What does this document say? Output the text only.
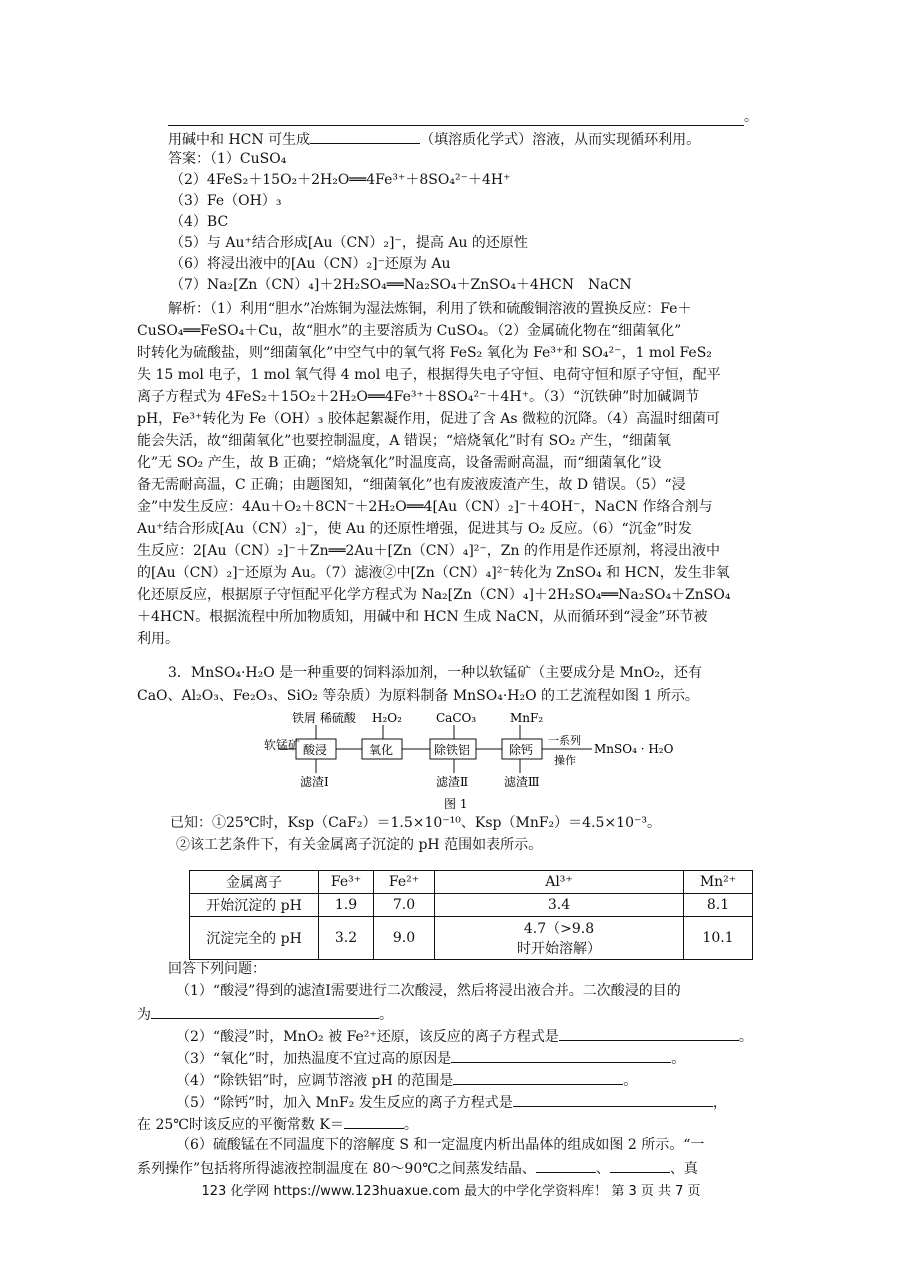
。
用碱中和 HCN 可生成	（填溶质化学式）溶液，从而实现循环利用。
答案：（1）CuSO₄
（2）4FeS₂＋15O₂＋2H₂O══4Fe³⁺＋8SO₄²⁻＋4H⁺
（3）Fe（OH）₃
（4）BC
（5）与 Au⁺结合形成[Au（CN）₂]⁻，提高 Au 的还原性
（6）将浸出液中的[Au（CN）₂]⁻还原为 Au
（7）Na₂[Zn（CN）₄]＋2H₂SO₄══Na₂SO₄＋ZnSO₄＋4HCN　NaCN
解析：（1）利用“胆水”冶炼铜为湿法炼铜，利用了铁和硫酸铜溶液的置换反应：Fe＋
CuSO₄══FeSO₄＋Cu，故“胆水”的主要溶质为 CuSO₄。（2）金属硫化物在“细菌氧化”
时转化为硫酸盐，则“细菌氧化”中空气中的氧气将 FeS₂ 氧化为 Fe³⁺和 SO₄²⁻，1 mol FeS₂
失 15 mol 电子，1 mol 氧气得 4 mol 电子，根据得失电子守恒、电荷守恒和原子守恒，配平
离子方程式为 4FeS₂＋15O₂＋2H₂O══4Fe³⁺＋8SO₄²⁻＋4H⁺。（3）“沉铁砷”时加碱调节
pH，Fe³⁺转化为 Fe（OH）₃ 胶体起絮凝作用，促进了含 As 微粒的沉降。（4）高温时细菌可
能会失活，故“细菌氧化”也要控制温度，A 错误；“焙烧氧化”时有 SO₂ 产生，“细菌氧
化”无 SO₂ 产生，故 B 正确；“焙烧氧化”时温度高，设备需耐高温，而“细菌氧化”设
备无需耐高温，C 正确；由题图知，“细菌氧化”也有废液废渣产生，故 D 错误。（5）“浸
金”中发生反应：4Au＋O₂＋8CN⁻＋2H₂O══4[Au（CN）₂]⁻＋4OH⁻，NaCN 作络合剂与
Au⁺结合形成[Au（CN）₂]⁻，使 Au 的还原性增强，促进其与 O₂ 反应。（6）“沉金”时发
生反应：2[Au（CN）₂]⁻＋Zn══2Au＋[Zn（CN）₄]²⁻，Zn 的作用是作还原剂，将浸出液中
的[Au（CN）₂]⁻还原为 Au。（7）滤液②中[Zn（CN）₄]²⁻转化为 ZnSO₄ 和 HCN，发生非氧
化还原反应，根据原子守恒配平化学方程式为 Na₂[Zn（CN）₄]＋2H₂SO₄══Na₂SO₄＋ZnSO₄
＋4HCN。根据流程中所加物质知，用碱中和 HCN 生成 NaCN，从而循环到“浸金”环节被
利用。
3．MnSO₄·H₂O 是一种重要的饲料添加剂，一种以软锰矿（主要成分是 MnO₂，还有
CaO、Al₂O₃、Fe₂O₃、SiO₂ 等杂质）为原料制备 MnSO₄·H₂O 的工艺流程如图 1 所示。
软锰矿
铁屑 稀硫酸 H₂O₂	CaCO₃	MnF₂
酸浸	氧化	除铁铝	除钙
一系列
操作
MnSO₄ · H₂O
滤渣Ⅰ	滤渣Ⅱ	滤渣Ⅲ
图 1
已知：①25℃时，Ksp（CaF₂）＝1.5×10⁻¹⁰、Ksp（MnF₂）＝4.5×10⁻³。
②该工艺条件下，有关金属离子沉淀的 pH 范围如表所示。
金属离子	Fe³⁺	Fe²⁺	Al³⁺	Mn²⁺
开始沉淀的 pH	1.9	7.0	3.4	8.1
沉淀完全的 pH	3.2	9.0	4.7（>9.8
时开始溶解）	10.1
回答下列问题：
（1）“酸浸”得到的滤渣Ⅰ需要进行二次酸浸，然后将浸出液合并。二次酸浸的目的
为	。
（2）“酸浸”时，MnO₂ 被 Fe²⁺还原，该反应的离子方程式是	。
（3）“氧化”时，加热温度不宜过高的原因是	。
（4）“除铁铝”时，应调节溶液 pH 的范围是	。
（5）“除钙”时，加入 MnF₂ 发生反应的离子方程式是	，
在 25℃时该反应的平衡常数 K＝	。
（6）硫酸锰在不同温度下的溶解度 S 和一定温度内析出晶体的组成如图 2 所示。“一
系列操作”包括将所得滤液控制温度在 80～90℃之间蒸发结晶、	、	、真
123 化学网 https://www.123huaxue.com 最大的中学化学资料库！ 第 3 页 共 7 页
